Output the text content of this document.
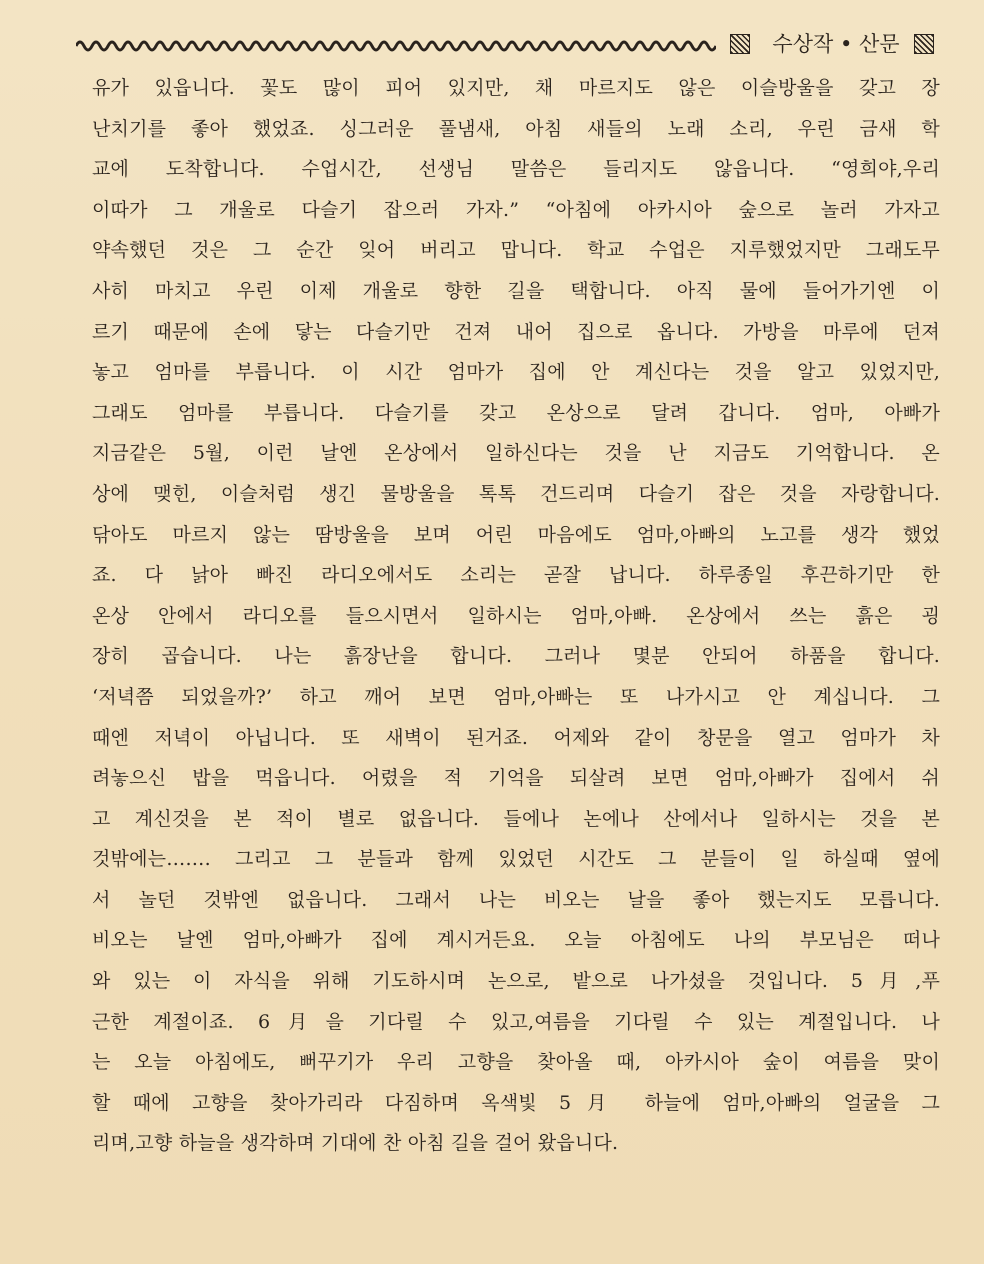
수상작 • 산문
유가 있읍니다. 꽃도 많이 피어 있지만, 채 마르지도 않은 이슬방울을 갖고 장
난치기를 좋아 했었죠. 싱그러운 풀냄새, 아침 새들의 노래 소리, 우린 금새 학
교에 도착합니다. 수업시간, 선생님 말씀은 들리지도 않읍니다. “영희야,우리
이따가 그 개울로 다슬기 잡으러 가자.” “아침에 아카시아 숲으로 놀러 가자고
약속했던 것은 그 순간 잊어 버리고 맙니다. 학교 수업은 지루했었지만 그래도무
사히 마치고 우린 이제 개울로 향한 길을 택합니다. 아직 물에 들어가기엔 이
르기 때문에 손에 닿는 다슬기만 건져 내어 집으로 옵니다. 가방을 마루에 던져
놓고 엄마를 부릅니다. 이 시간 엄마가 집에 안 계신다는 것을 알고 있었지만,
그래도 엄마를 부릅니다. 다슬기를 갖고 온상으로 달려 갑니다. 엄마, 아빠가
지금같은 5월, 이런 날엔 온상에서 일하신다는 것을 난 지금도 기억합니다. 온
상에 맺힌, 이슬처럼 생긴 물방울을 톡톡 건드리며 다슬기 잡은 것을 자랑합니다.
닦아도 마르지 않는 땀방울을 보며 어린 마음에도 엄마,아빠의 노고를 생각 했었
죠. 다 낡아 빠진 라디오에서도 소리는 곧잘 납니다. 하루종일 후끈하기만 한
온상 안에서 라디오를 들으시면서 일하시는 엄마,아빠. 온상에서 쓰는 흙은 굉
장히 곱습니다. 나는 흙장난을 합니다. 그러나 몇분 안되어 하품을 합니다.
‘저녁쯤 되었을까?’ 하고 깨어 보면 엄마,아빠는 또 나가시고 안 계십니다. 그
때엔 저녁이 아닙니다. 또 새벽이 된거죠. 어제와 같이 창문을 열고 엄마가 차
려놓으신 밥을 먹읍니다. 어렸을 적 기억을 되살려 보면 엄마,아빠가 집에서 쉬
고 계신것을 본 적이 별로 없읍니다. 들에나 논에나 산에서나 일하시는 것을 본
것밖에는……. 그리고 그 분들과 함께 있었던 시간도 그 분들이 일 하실때 옆에
서 놀던 것밖엔 없읍니다. 그래서 나는 비오는 날을 좋아 했는지도 모릅니다.
비오는 날엔 엄마,아빠가 집에 계시거든요. 오늘 아침에도 나의 부모님은 떠나
와 있는 이 자식을 위해 기도하시며 논으로, 밭으로 나가셨을 것입니다. 5月,푸
근한 계절이죠. 6月을 기다릴 수 있고,여름을 기다릴 수 있는 계절입니다. 나
는 오늘 아침에도, 뻐꾸기가 우리 고향을 찾아올 때, 아카시아 숲이 여름을 맞이
할 때에 고향을 찾아가리라 다짐하며 옥색빛 5月 하늘에 엄마,아빠의 얼굴을 그
리며,고향 하늘을 생각하며 기대에 찬 아침 길을 걸어 왔읍니다.
